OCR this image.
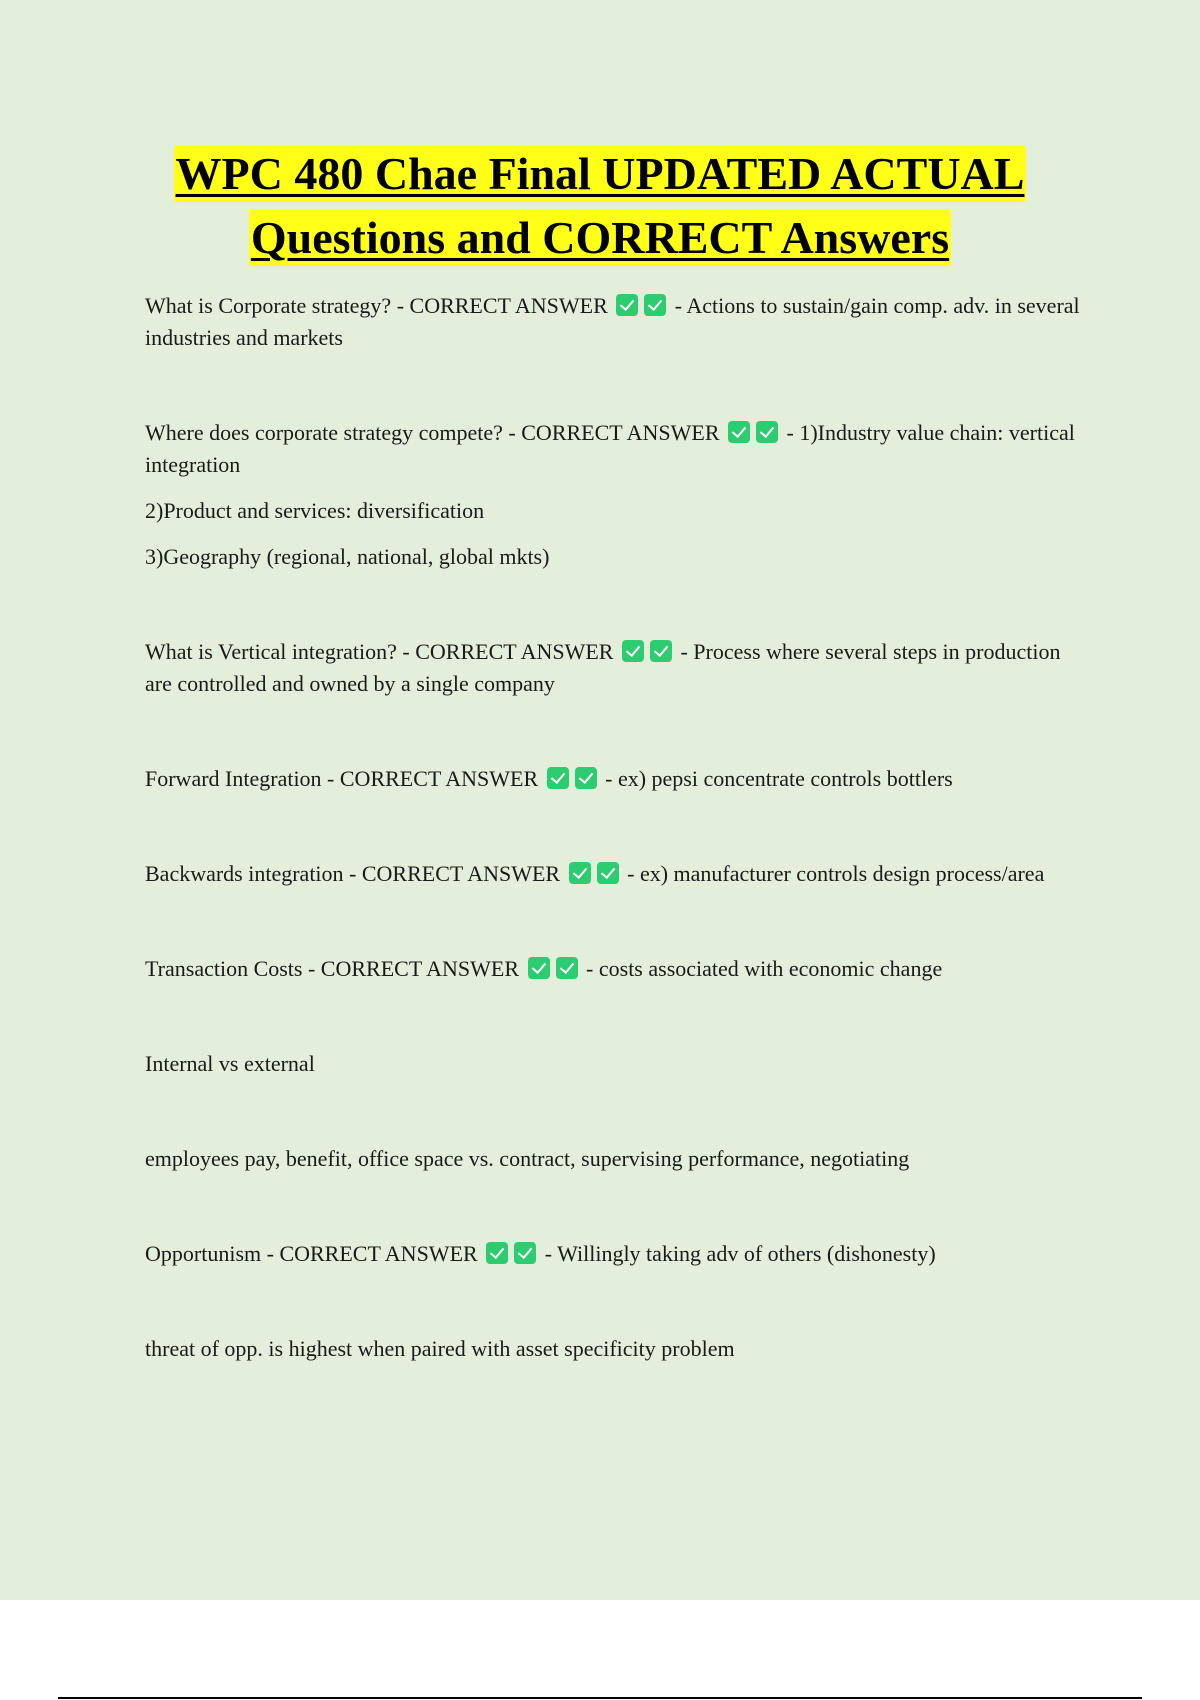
WPC 480 Chae Final UPDATED ACTUAL
Questions and CORRECT Answers

What is Corporate strategy? - CORRECT ANSWER	- Actions to sustain/gain comp. adv. in several industries and markets

Where does corporate strategy compete? - CORRECT ANSWER	- 1)Industry value chain: vertical integration

2)Product and services: diversification

3)Geography (regional, national, global mkts)

What is Vertical integration? - CORRECT ANSWER	- Process where several steps in production are controlled and owned by a single company

Forward Integration - CORRECT ANSWER	- ex) pepsi concentrate controls bottlers

Backwards integration - CORRECT ANSWER	- ex) manufacturer controls design process/area

Transaction Costs - CORRECT ANSWER	- costs associated with economic change

Internal vs external

employees pay, benefit, office space vs. contract, supervising performance, negotiating

Opportunism - CORRECT ANSWER	- Willingly taking adv of others (dishonesty)

threat of opp. is highest when paired with asset specificity problem
